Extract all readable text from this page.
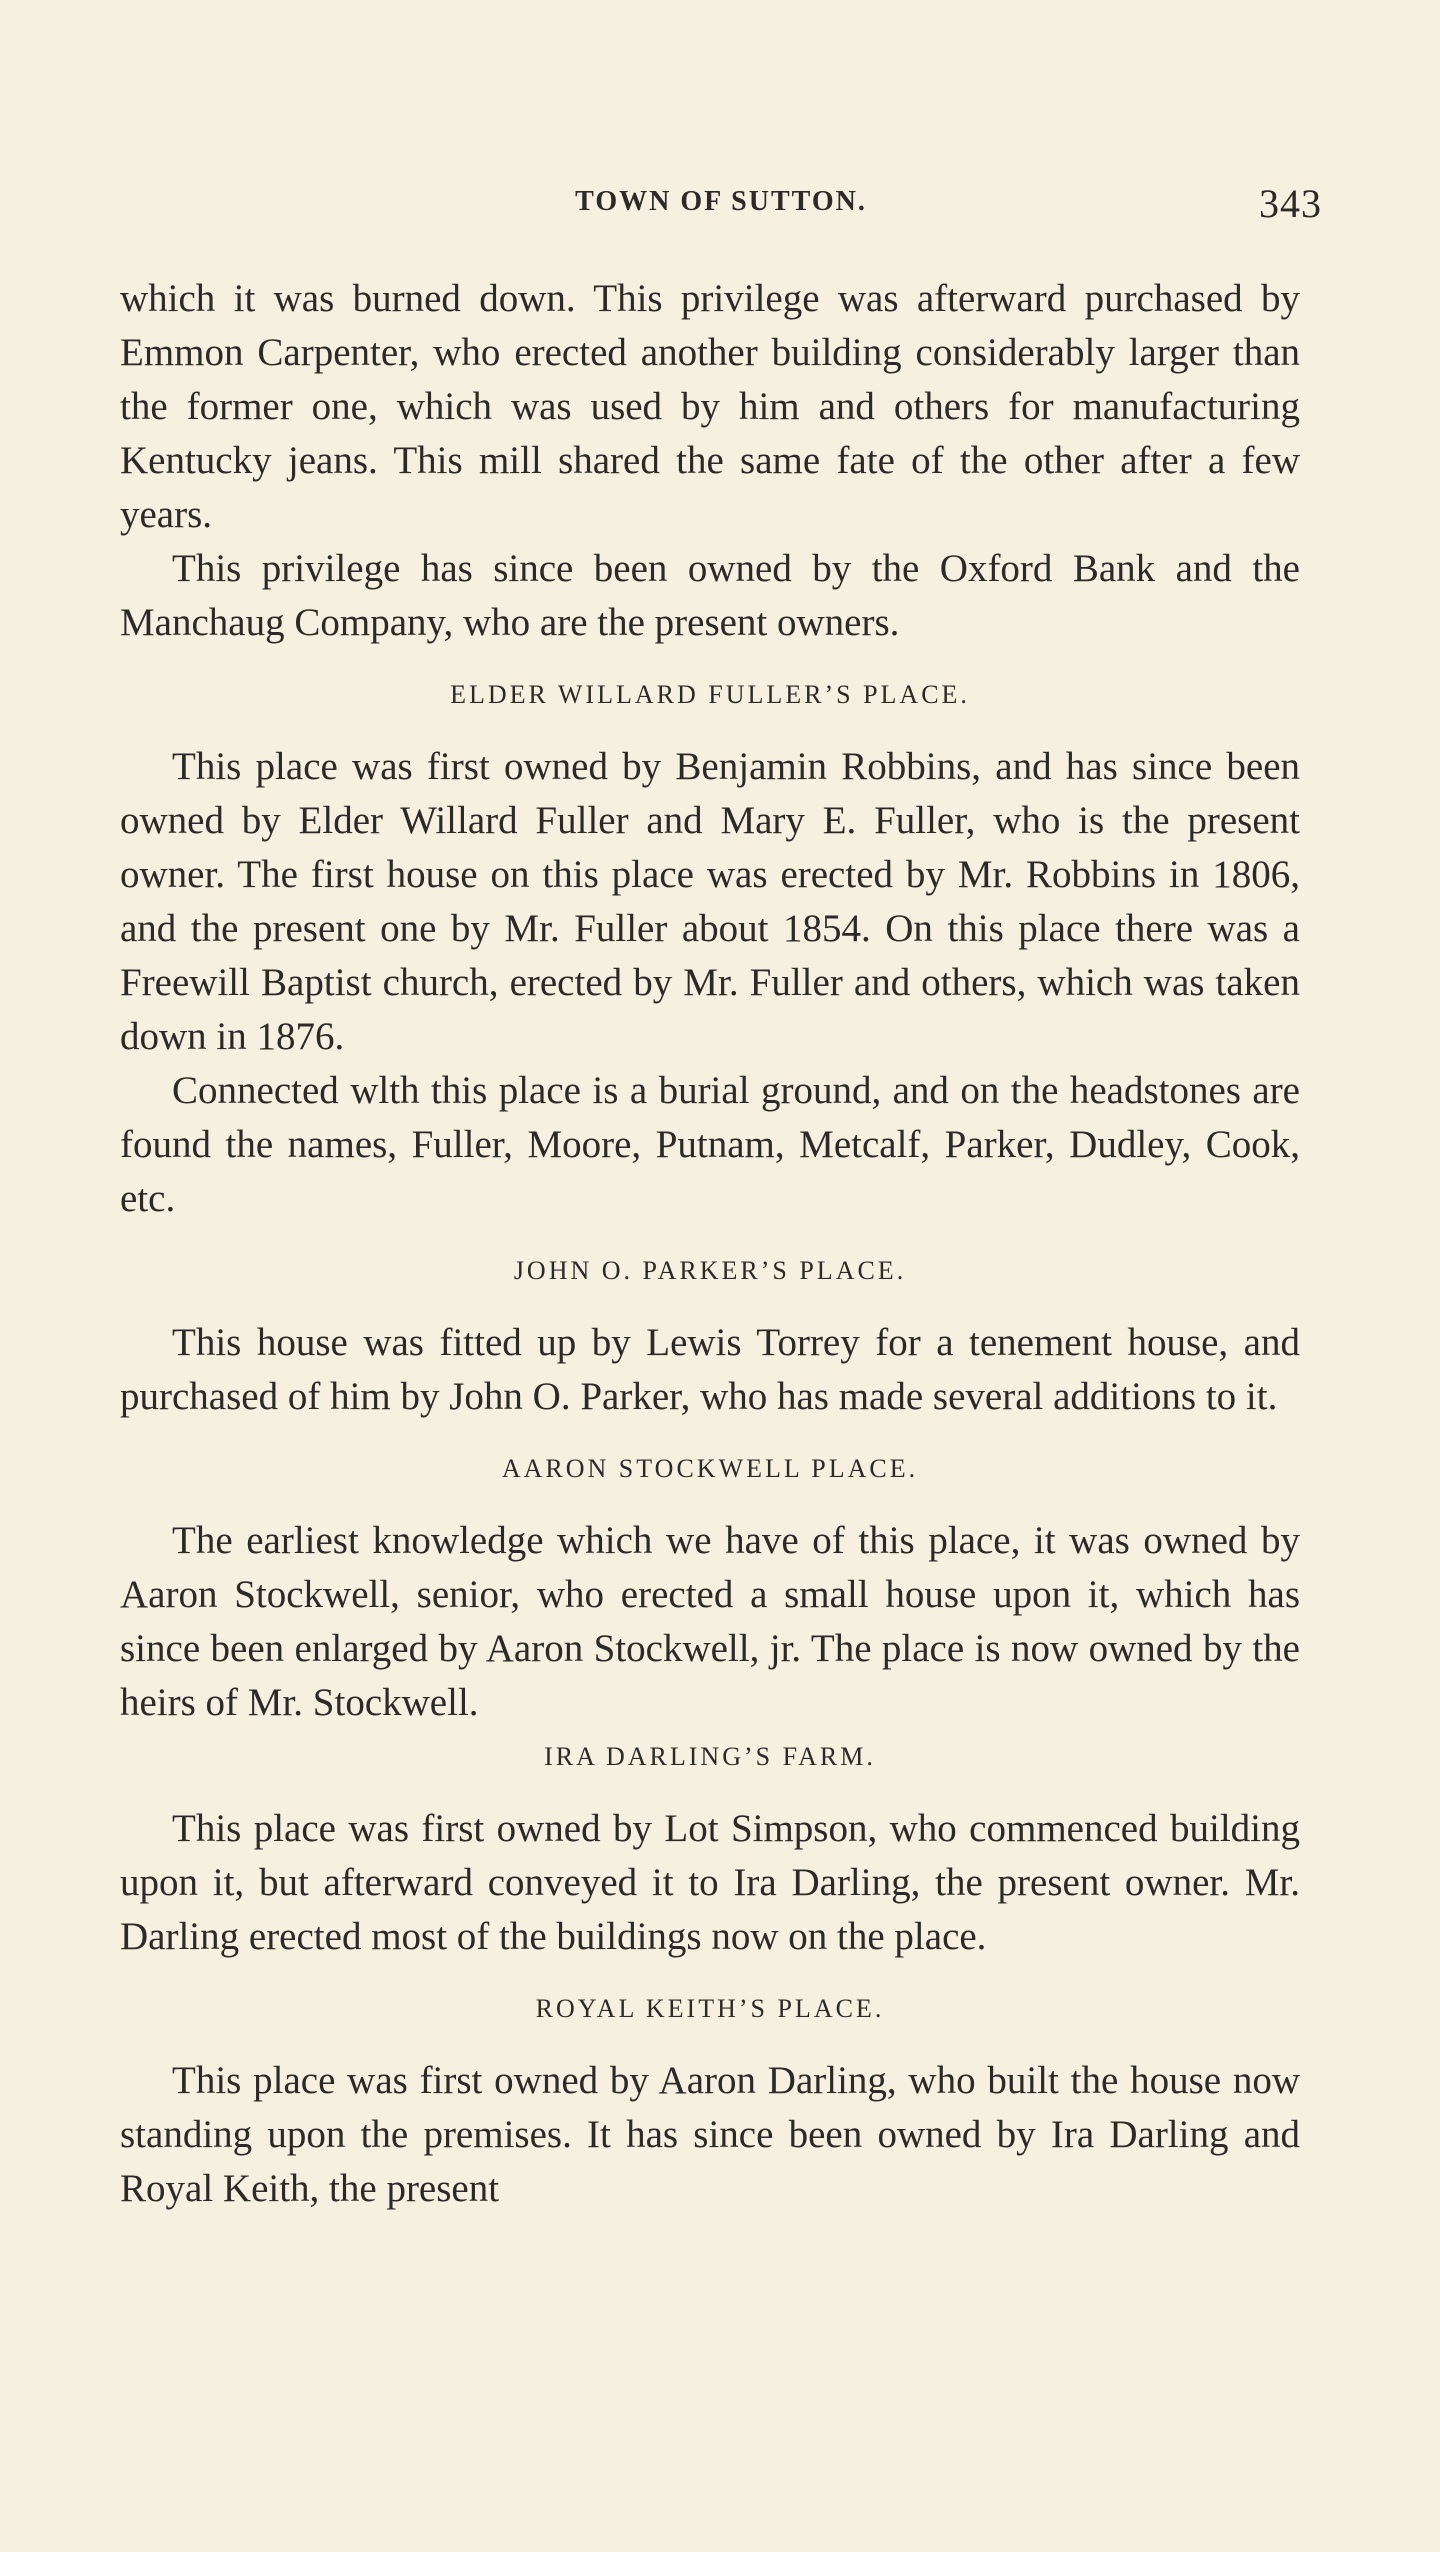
TOWN OF SUTTON.	343

which it was burned down. This privilege was afterward purchased by Emmon Carpenter, who erected another building considerably larger than the former one, which was used by him and others for manufacturing Kentucky jeans. This mill shared the same fate of the other after a few years.

This privilege has since been owned by the Oxford Bank and the Manchaug Company, who are the present owners.

ELDER WILLARD FULLER’S PLACE.

This place was first owned by Benjamin Robbins, and has since been owned by Elder Willard Fuller and Mary E. Fuller, who is the present owner. The first house on this place was erected by Mr. Robbins in 1806, and the present one by Mr. Fuller about 1854. On this place there was a Freewill Baptist church, erected by Mr. Fuller and others, which was taken down in 1876.

Connected wlth this place is a burial ground, and on the headstones are found the names, Fuller, Moore, Putnam, Metcalf, Parker, Dudley, Cook, etc.

JOHN O. PARKER’S PLACE.

This house was fitted up by Lewis Torrey for a tenement house, and purchased of him by John O. Parker, who has made several additions to it.

AARON STOCKWELL PLACE.

The earliest knowledge which we have of this place, it was owned by Aaron Stockwell, senior, who erected a small house upon it, which has since been enlarged by Aaron Stockwell, jr. The place is now owned by the heirs of Mr. Stockwell.

IRA DARLING’S FARM.

This place was first owned by Lot Simpson, who commenced building upon it, but afterward conveyed it to Ira Darling, the present owner. Mr. Darling erected most of the buildings now on the place.

ROYAL KEITH’S PLACE.

This place was first owned by Aaron Darling, who built the house now standing upon the premises. It has since been owned by Ira Darling and Royal Keith, the present
